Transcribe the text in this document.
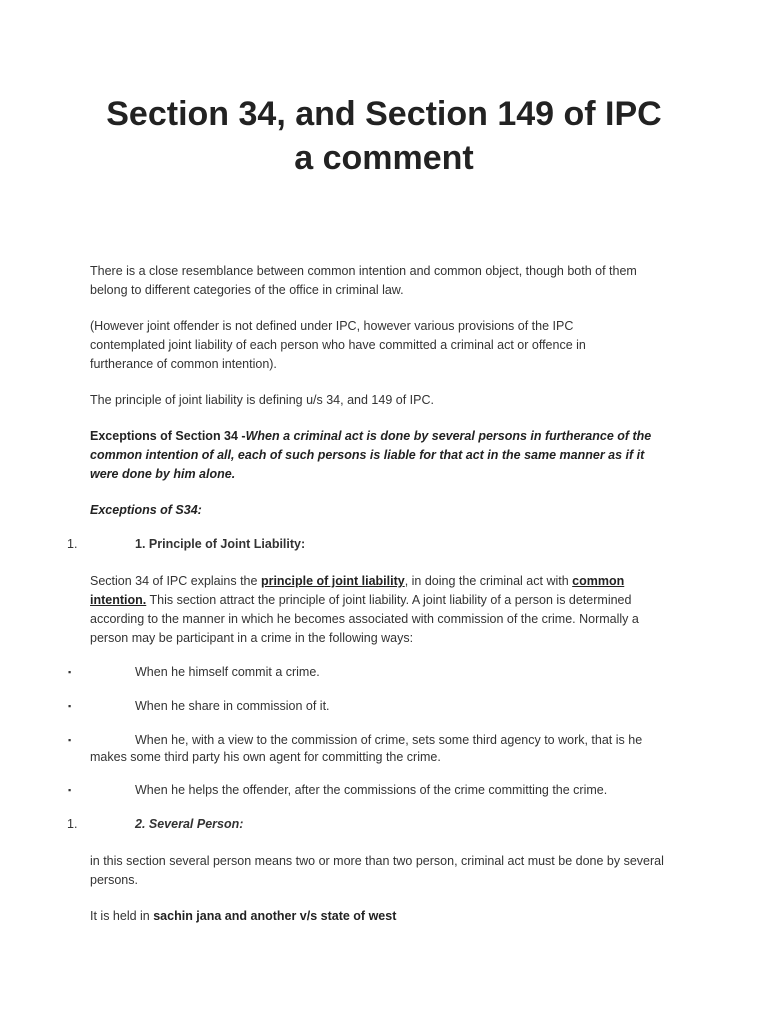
Section 34, and Section 149 of IPC
a comment

There is a close resemblance between common intention and common object, though both of them belong to different categories of the office in criminal law.

(However joint offender is not defined under IPC, however various provisions of the IPC contemplated joint liability of each person who have committed a criminal act or offence in furtherance of common intention).

The principle of joint liability is defining u/s 34, and 149 of IPC.

Exceptions of Section 34 -When a criminal act is done by several persons in furtherance of the common intention of all, each of such persons is liable for that act in the same manner as if it were done by him alone.

Exceptions of S34:

1.	1. Principle of Joint Liability:

Section 34 of IPC explains the principle of joint liability, in doing the criminal act with common intention. This section attract the principle of joint liability. A joint liability of a person is determined according to the manner in which he becomes associated with commission of the crime. Normally a person may be participant in a crime in the following ways:

▪	When he himself commit a crime.
▪	When he share in commission of it.
▪	When he, with a view to the commission of crime, sets some third agency to work, that is he makes some third party his own agent for committing the crime.

▪	When he helps the offender, after the commissions of the crime committing the crime.
1.	2. Several Person:

in this section several person means two or more than two person, criminal act must be done by several persons.

It is held in sachin jana and another v/s state of west
